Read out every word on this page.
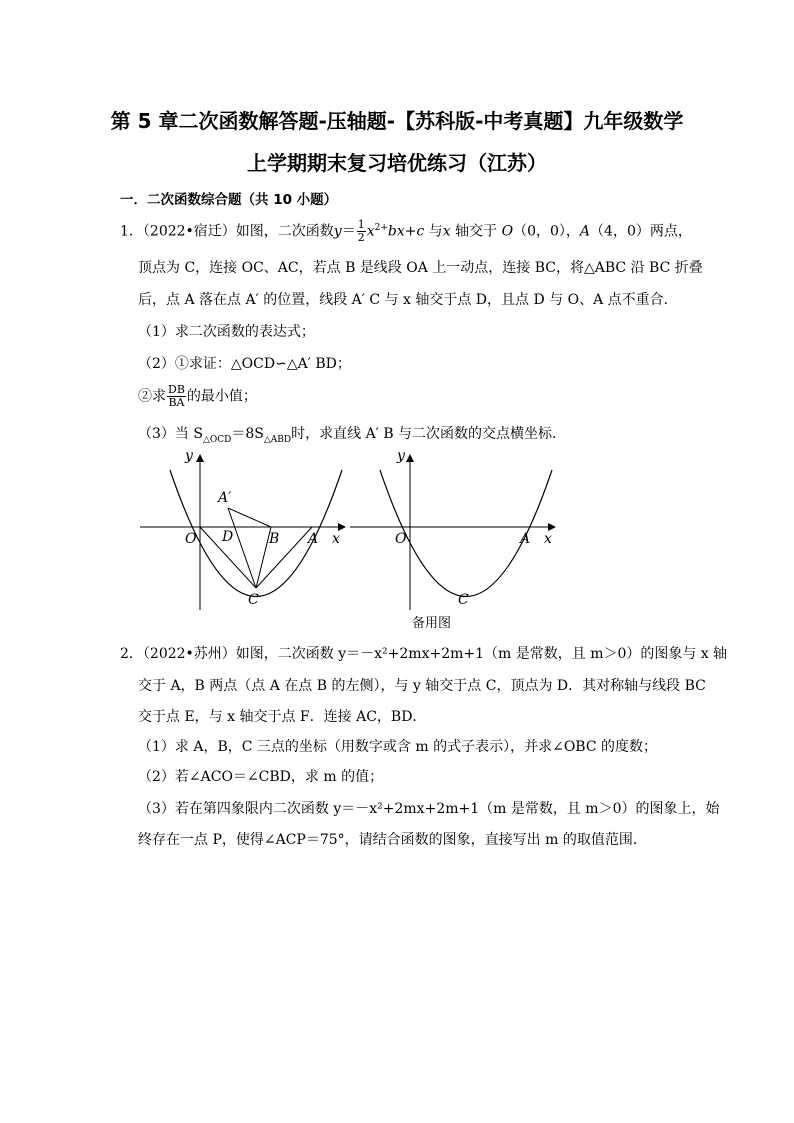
第 5 章二次函数解答题-压轴题-【苏科版-中考真题】九年级数学
上学期期末复习培优练习（江苏）
一．二次函数综合题（共 10 小题）
1．（2022•宿迁）如图，二次函数$y= \frac{1}{2} x^{2+}bx+c$ 与x 轴交于 O（0，0），A（4，0）两点，
顶点为 C，连接 OC、AC，若点 B 是线段 OA 上一动点，连接 BC，将△ABC 沿 BC 折叠
后，点 A 落在点 A′ 的位置，线段 A′ C 与 x 轴交于点 D，且点 D 与 O、A 点不重合．
（1）求二次函数的表达式；
（2）①求证：△OCD∽△A′ BD；
②求 $\frac{DB}{BA}$ 的最小值；
（3）当 $S_{\triangle OCD}=8S_{\triangle ABD}$时，求直线 A′ B 与二次函数的交点横坐标．
A′
D	B A
O
C
y
x	O	A
C
y
x
备用图
2．（2022•苏州）如图，二次函数 y＝－x²+2mx+2m+1（m 是常数，且 m＞0）的图象与 x 轴
交于 A，B 两点（点 A 在点 B 的左侧），与 y 轴交于点 C，顶点为 D．其对称轴与线段 BC
交于点 E，与 x 轴交于点 F．连接 AC，BD．
（1）求 A，B，C 三点的坐标（用数字或含 m 的式子表示），并求∠OBC 的度数；
（2）若∠ACO＝∠CBD，求 m 的值；
（3）若在第四象限内二次函数 y＝－x²+2mx+2m+1（m 是常数，且 m＞0）的图象上，始
终存在一点 P，使得∠ACP＝75°，请结合函数的图象，直接写出 m 的取值范围．
